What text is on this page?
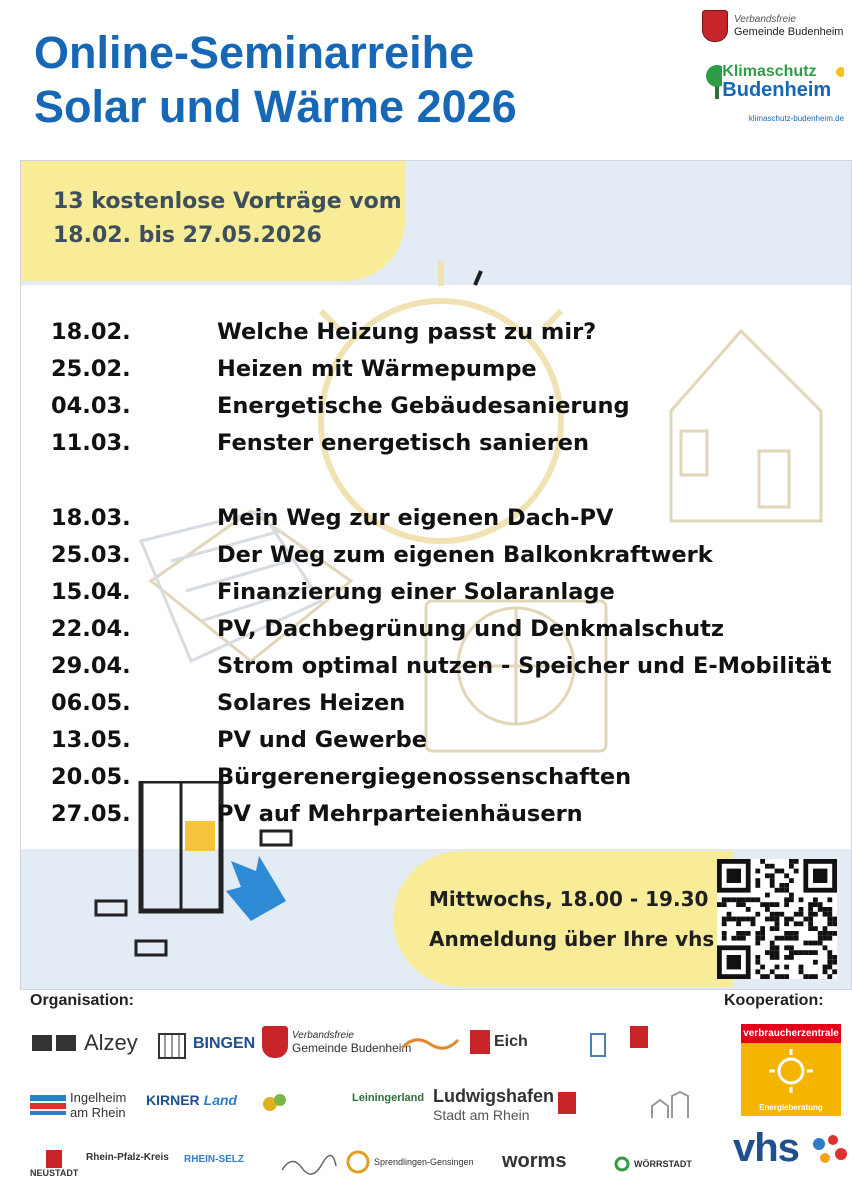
Online-Seminarreihe
Solar und Wärme 2026
Verbandsfreie
Gemeinde Budenheim
Klimaschutz
Budenheim
klimaschutz-budenheim.de
13 kostenlose Vorträge vom
18.02. bis 27.05.2026
18.02.	Welche Heizung passt zu mir?
25.02.	Heizen mit Wärmepumpe
04.03.	Energetische Gebäudesanierung
11.03.	Fenster energetisch sanieren
18.03.	Mein Weg zur eigenen Dach-PV
25.03.	Der Weg zum eigenen Balkonkraftwerk
15.04.	Finanzierung einer Solaranlage
22.04.	PV, Dachbegrünung und Denkmalschutz
29.04.	Strom optimal nutzen - Speicher und E-Mobilität
06.05.	Solares Heizen
13.05.	PV und Gewerbe
20.05.	Bürgerenergiegenossenschaften
27.05.	PV auf Mehrparteienhäusern
Mittwochs, 18.00 - 19.30
Anmeldung über Ihre vhs
Organisation:	Kooperation:
Alzey	BINGEN	Verbandsfreie
Gemeinde Budenheim	Eich
Ingelheim
am Rhein
KIRNER Land	Leiningerland Ludwigshafen
Stadt am Rhein
NEUSTADT
Rhein-Pfalz-Kreis RHEIN-SELZ	Sprendlingen-Gensingen worms	WÖRRSTADT
verbraucherzentrale
Energieberatung
vhs
